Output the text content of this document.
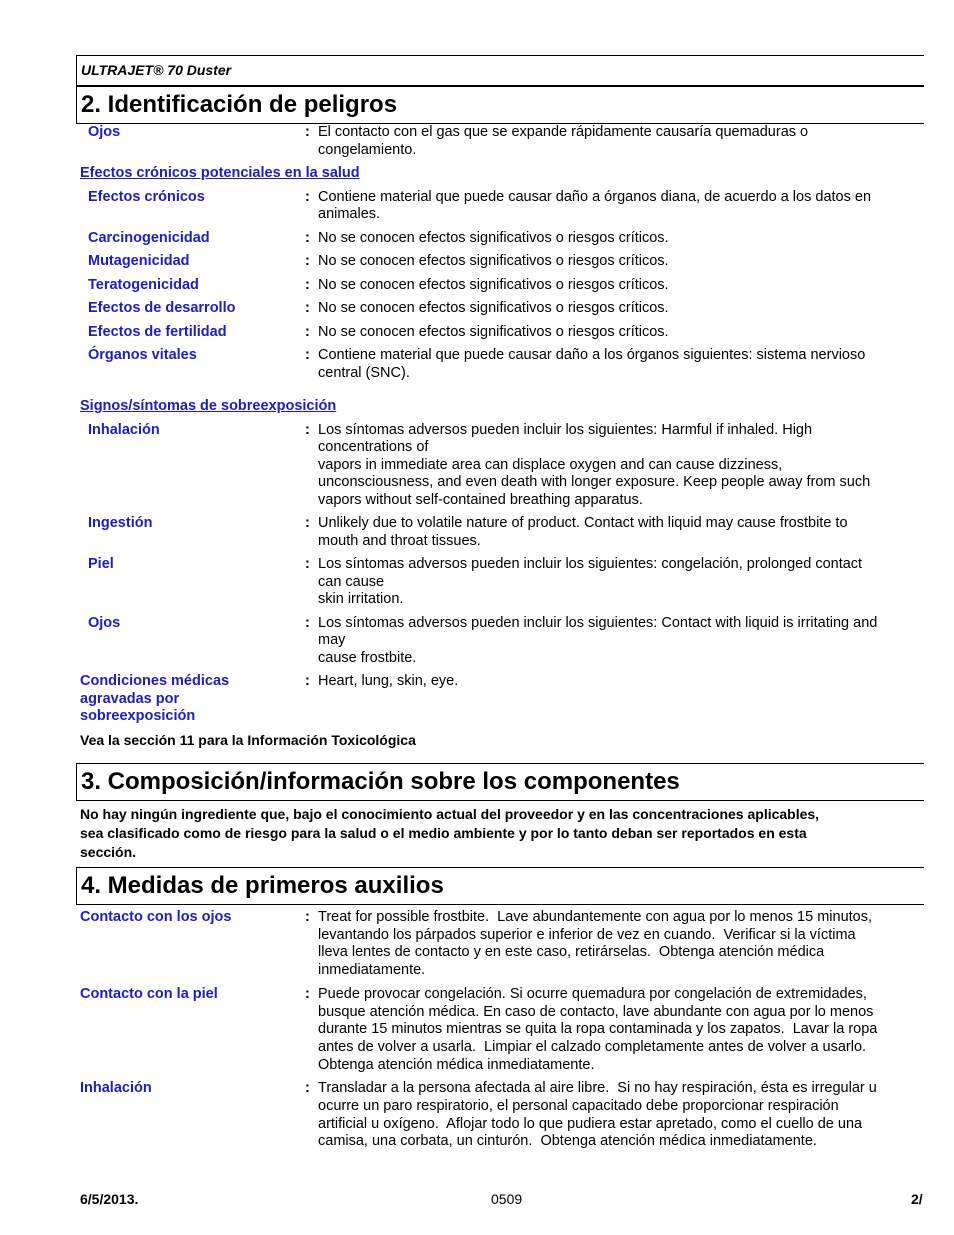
ULTRAJET® 70 Duster
2. Identificación de peligros
Ojos	: El contacto con el gas que se expande rápidamente causaría quemaduras o
congelamiento.
Efectos crónicos potenciales en la salud
Efectos crónicos	: Contiene material que puede causar daño a órganos diana, de acuerdo a los datos en
animales.
Carcinogenicidad	: No se conocen efectos significativos o riesgos críticos.
Mutagenicidad	: No se conocen efectos significativos o riesgos críticos.
Teratogenicidad	: No se conocen efectos significativos o riesgos críticos.
Efectos de desarrollo	: No se conocen efectos significativos o riesgos críticos.
Efectos de fertilidad	: No se conocen efectos significativos o riesgos críticos.
Órganos vitales	: Contiene material que puede causar daño a los órganos siguientes: sistema nervioso
central (SNC).
Signos/síntomas de sobreexposición
Inhalación	: Los síntomas adversos pueden incluir los siguientes: Harmful if inhaled. High
concentrations of
vapors in immediate area can displace oxygen and can cause dizziness,
unconsciousness, and even death with longer exposure. Keep people away from such
vapors without self-contained breathing apparatus.
Ingestión	: Unlikely due to volatile nature of product. Contact with liquid may cause frostbite to
mouth and throat tissues.
Piel	: Los síntomas adversos pueden incluir los siguientes: congelación, prolonged contact
can cause
skin irritation.
Ojos	: Los síntomas adversos pueden incluir los siguientes: Contact with liquid is irritating and
may
cause frostbite.
Condiciones médicas
agravadas por
sobreexposición
: Heart, lung, skin, eye.
Vea la sección 11 para la Información Toxicológica
3. Composición/información sobre los componentes
No hay ningún ingrediente que, bajo el conocimiento actual del proveedor y en las concentraciones aplicables,
sea clasificado como de riesgo para la salud o el medio ambiente y por lo tanto deban ser reportados en esta
sección.
4. Medidas de primeros auxilios
Contacto con los ojos	: Treat for possible frostbite.  Lave abundantemente con agua por lo menos 15 minutos,
levantando los párpados superior e inferior de vez en cuando.  Verificar si la víctima
lleva lentes de contacto y en este caso, retirárselas.  Obtenga atención médica
inmediatamente.
Contacto con la piel	: Puede provocar congelación. Si ocurre quemadura por congelación de extremidades,
busque atención médica. En caso de contacto, lave abundante con agua por lo menos
durante 15 minutos mientras se quita la ropa contaminada y los zapatos.  Lavar la ropa
antes de volver a usarla.  Limpiar el calzado completamente antes de volver a usarlo.
Obtenga atención médica inmediatamente.
Inhalación	: Transladar a la persona afectada al aire libre.  Si no hay respiración, ésta es irregular u
ocurre un paro respiratorio, el personal capacitado debe proporcionar respiración
artificial u oxígeno.  Aflojar todo lo que pudiera estar apretado, como el cuello de una
camisa, una corbata, un cinturón.  Obtenga atención médica inmediatamente.
6/5/2013.	0509	2/
